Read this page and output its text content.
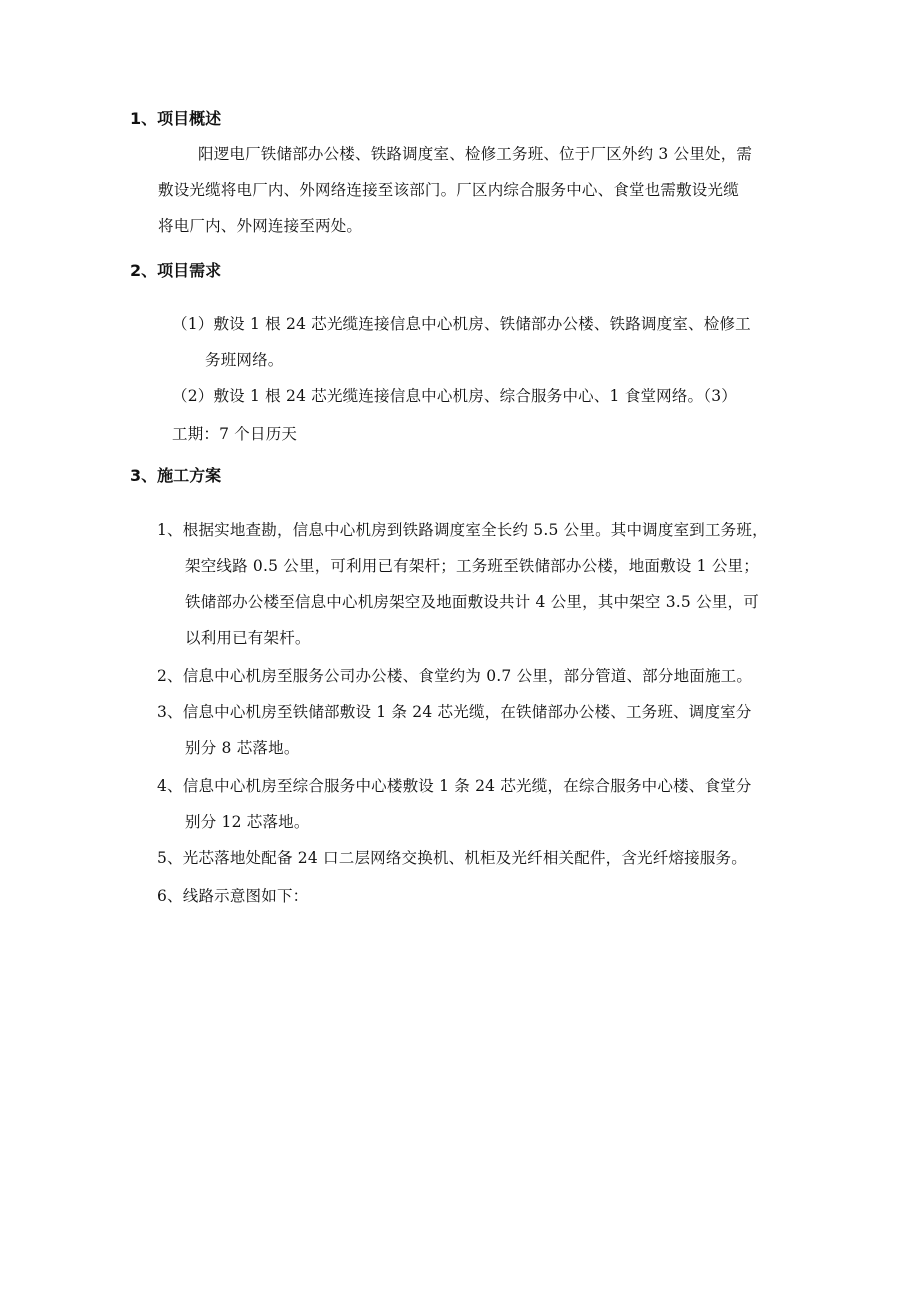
1、项目概述
阳逻电厂铁储部办公楼、铁路调度室、检修工务班、位于厂区外约 3 公里处，需
敷设光缆将电厂内、外网络连接至该部门。厂区内综合服务中心、食堂也需敷设光缆
将电厂内、外网连接至两处。
2、项目需求
（1）敷设 1 根 24 芯光缆连接信息中心机房、铁储部办公楼、铁路调度室、检修工
务班网络。
（2）敷设 1 根 24 芯光缆连接信息中心机房、综合服务中心、1 食堂网络。（3）
工期：7 个日历天
3、施工方案
1、根据实地查勘，信息中心机房到铁路调度室全长约 5.5 公里。其中调度室到工务班，
架空线路 0.5 公里，可利用已有架杆；工务班至铁储部办公楼，地面敷设 1 公里；
铁储部办公楼至信息中心机房架空及地面敷设共计 4 公里，其中架空 3.5 公里，可
以利用已有架杆。
2、信息中心机房至服务公司办公楼、食堂约为 0.7 公里，部分管道、部分地面施工。
3、信息中心机房至铁储部敷设 1 条 24 芯光缆，在铁储部办公楼、工务班、调度室分
别分 8 芯落地。
4、信息中心机房至综合服务中心楼敷设 1 条 24 芯光缆，在综合服务中心楼、食堂分
别分 12 芯落地。
5、光芯落地处配备 24 口二层网络交换机、机柜及光纤相关配件，含光纤熔接服务。
6、线路示意图如下：
